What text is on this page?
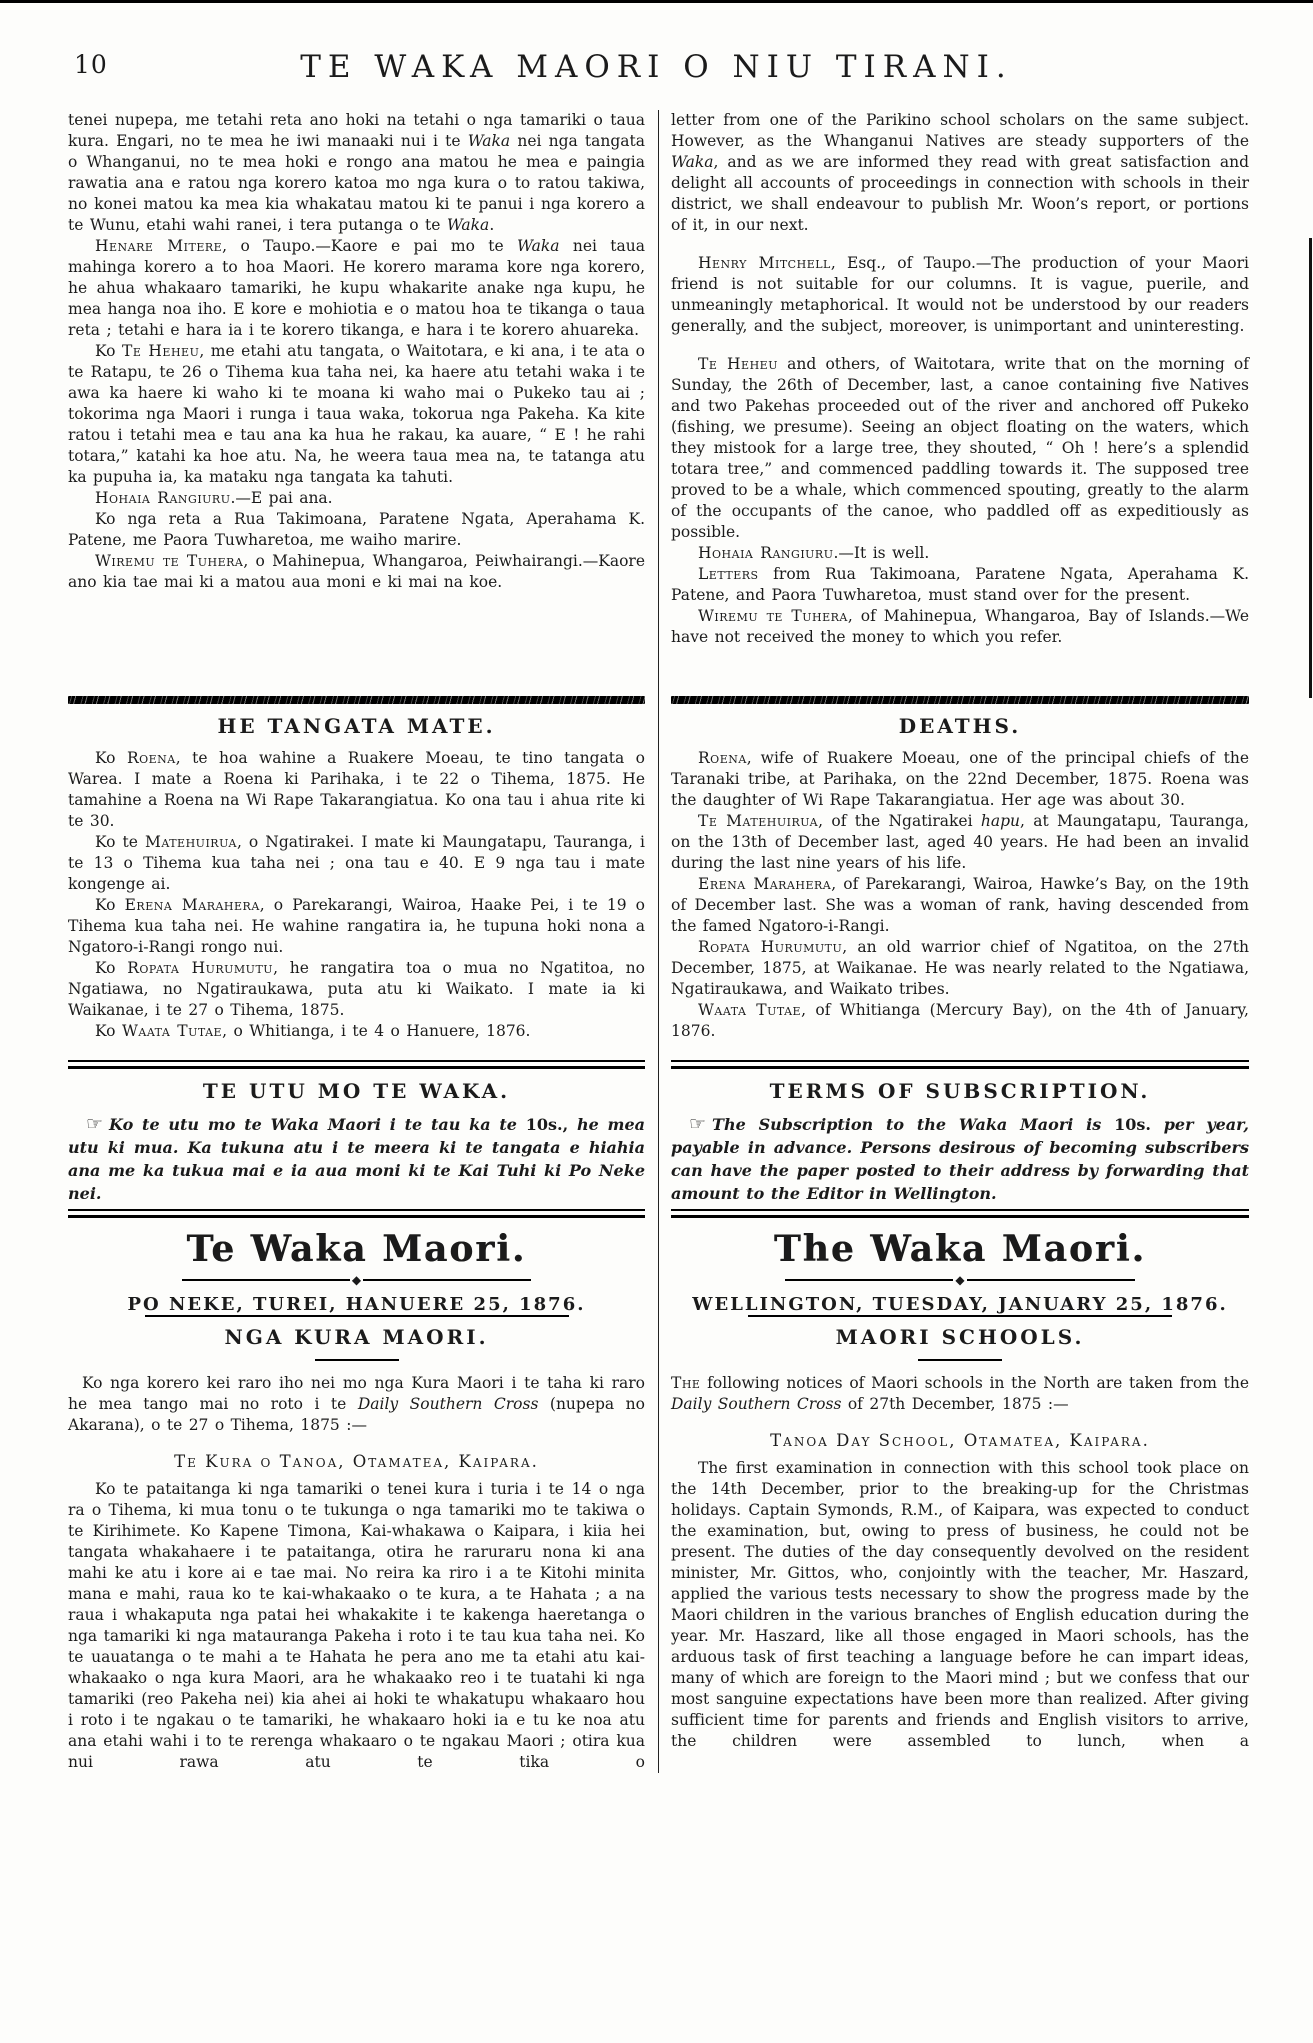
10	TE WAKA MAORI O NIU TIRANI.

tenei nupepa, me tetahi reta ano hoki na tetahi o nga tamariki o taua kura. Engari, no te mea he iwi manaaki nui i te Waka nei nga tangata o Whanganui, no te mea hoki e rongo ana matou he mea e paingia rawatia ana e ratou nga korero katoa mo nga kura o to ratou takiwa, no konei matou ka mea kia whakatau matou ki te panui i nga korero a te Wunu, etahi wahi ranei, i tera putanga o te Waka.

Henare Mitere, o Taupo.—Kaore e pai mo te Waka nei taua mahinga korero a to hoa Maori. He korero marama kore nga korero, he ahua whakaaro tamariki, he kupu whakarite anake nga kupu, he mea hanga noa iho. E kore e mohiotia e o matou hoa te tikanga o taua reta ; tetahi e hara ia i te korero tikanga, e hara i te korero ahuareka.

Ko Te Heheu, me etahi atu tangata, o Waitotara, e ki ana, i te ata o te Ratapu, te 26 o Tihema kua taha nei, ka haere atu tetahi waka i te awa ka haere ki waho ki te moana ki waho mai o Pukeko tau ai ; tokorima nga Maori i runga i taua waka, tokorua nga Pakeha. Ka kite ratou i tetahi mea e tau ana ka hua he rakau, ka auare, “ E ! he rahi totara,” katahi ka hoe atu. Na, he weera taua mea na, te tatanga atu ka pupuha ia, ka mataku nga tangata ka tahuti.

Hohaia Rangiuru.—E pai ana.

Ko nga reta a Rua Takimoana, Paratene Ngata, Aperahama K. Patene, me Paora Tuwharetoa, me waiho marire.

Wiremu te Tuhera, o Mahinepua, Whangaroa, Peiwhairangi.—Kaore ano kia tae mai ki a matou aua moni e ki mai na koe.

letter from one of the Parikino school scholars on the same subject. However, as the Whanganui Natives are steady supporters of the Waka, and as we are informed they read with great satisfaction and delight all accounts of proceedings in connection with schools in their district, we shall endeavour to publish Mr. Woon’s report, or portions of it, in our next.

Henry Mitchell, Esq., of Taupo.—The production of your Maori friend is not suitable for our columns. It is vague, puerile, and unmeaningly metaphorical. It would not be understood by our readers generally, and the subject, moreover, is unimportant and uninteresting.

Te Heheu and others, of Waitotara, write that on the morning of Sunday, the 26th of December, last, a canoe containing five Natives and two Pakehas proceeded out of the river and anchored off Pukeko (fishing, we presume). Seeing an object floating on the waters, which they mistook for a large tree, they shouted, “ Oh ! here’s a splendid totara tree,” and commenced paddling towards it. The supposed tree proved to be a whale, which commenced spouting, greatly to the alarm of the occupants of the canoe, who paddled off as expeditiously as possible.

Hohaia Rangiuru.—It is well.

Letters from Rua Takimoana, Paratene Ngata, Aperahama K. Patene, and Paora Tuwharetoa, must stand over for the present.

Wiremu te Tuhera, of Mahinepua, Whangaroa, Bay of Islands.—We have not received the money to which you refer.

HE TANGATA MATE.

Ko Roena, te hoa wahine a Ruakere Moeau, te tino tangata o Warea. I mate a Roena ki Parihaka, i te 22 o Tihema, 1875. He tamahine a Roena na Wi Rape Takarangiatua. Ko ona tau i ahua rite ki te 30.

Ko te Matehuirua, o Ngatirakei. I mate ki Maungatapu, Tauranga, i te 13 o Tihema kua taha nei ; ona tau e 40. E 9 nga tau i mate kongenge ai.

Ko Erena Marahera, o Parekarangi, Wairoa, Haake Pei, i te 19 o Tihema kua taha nei. He wahine rangatira ia, he tupuna hoki nona a Ngatoro-i-Rangi rongo nui.

Ko Ropata Hurumutu, he rangatira toa o mua no Ngatitoa, no Ngatiawa, no Ngatiraukawa, puta atu ki Waikato. I mate ia ki Waikanae, i te 27 o Tihema, 1875.

Ko Waata Tutae, o Whitianga, i te 4 o Hanuere, 1876.

DEATHS.

Roena, wife of Ruakere Moeau, one of the principal chiefs of the Taranaki tribe, at Parihaka, on the 22nd December, 1875. Roena was the daughter of Wi Rape Takarangiatua. Her age was about 30.

Te Matehuirua, of the Ngatirakei hapu, at Maungatapu, Tauranga, on the 13th of December last, aged 40 years. He had been an invalid during the last nine years of his life.

Erena Marahera, of Parekarangi, Wairoa, Hawke’s Bay, on the 19th of December last. She was a woman of rank, having descended from the famed Ngatoro-i-Rangi.

Ropata Hurumutu, an old warrior chief of Ngatitoa, on the 27th December, 1875, at Waikanae. He was nearly related to the Ngatiawa, Ngatiraukawa, and Waikato tribes.

Waata Tutae, of Whitianga (Mercury Bay), on the 4th of January, 1876.

TE UTU MO TE WAKA.

☞ Ko te utu mo te Waka Maori i te tau ka te 10s., he mea utu ki mua. Ka tukuna atu i te meera ki te tangata e hiahia ana me ka tukua mai e ia aua moni ki te Kai Tuhi ki Po Neke nei.

TERMS OF SUBSCRIPTION.

☞ The Subscription to the Waka Maori is 10s. per year, payable in advance. Persons desirous of becoming subscribers can have the paper posted to their address by forwarding that amount to the Editor in Wellington.

Te Waka Maori.
◆
PO NEKE, TUREI, HANUERE 25, 1876.
The Waka Maori.
◆
WELLINGTON, TUESDAY, JANUARY 25, 1876.
NGA KURA MAORI.

Ko nga korero kei raro iho nei mo nga Kura Maori i te taha ki raro he mea tango mai no roto i te Daily Southern Cross (nupepa no Akarana), o te 27 o Tihema, 1875 :—

Te Kura o Tanoa, Otamatea, Kaipara.

Ko te pataitanga ki nga tamariki o tenei kura i turia i te 14 o nga ra o Tihema, ki mua tonu o te tukunga o nga tamariki mo te takiwa o te Kirihimete. Ko Kapene Timona, Kai-whakawa o Kaipara, i kiia hei tangata whakahaere i te pataitanga, otira he raruraru nona ki ana mahi ke atu i kore ai e tae mai. No reira ka riro i a te Kitohi minita mana e mahi, raua ko te kai-whakaako o te kura, a te Hahata ; a na raua i whakaputa nga patai hei whakakite i te kakenga haeretanga o nga tamariki ki nga matauranga Pakeha i roto i te tau kua taha nei. Ko te uauatanga o te mahi a te Hahata he pera ano me ta etahi atu kai-whakaako o nga kura Maori, ara he whakaako reo i te tuatahi ki nga tamariki (reo Pakeha nei) kia ahei ai hoki te whakatupu whakaaro hou i roto i te ngakau o te tamariki, he whakaaro hoki ia e tu ke noa atu ana etahi wahi i to te rerenga whakaaro o te ngakau Maori ; otira kua nui rawa atu te tika o

MAORI SCHOOLS.

The following notices of Maori schools in the North are taken from the Daily Southern Cross of 27th December, 1875 :—

Tanoa Day School, Otamatea, Kaipara.

The first examination in connection with this school took place on the 14th December, prior to the breaking-up for the Christmas holidays. Captain Symonds, R.M., of Kaipara, was expected to conduct the examination, but, owing to press of business, he could not be present. The duties of the day consequently devolved on the resident minister, Mr. Gittos, who, conjointly with the teacher, Mr. Haszard, applied the various tests necessary to show the progress made by the Maori children in the various branches of English education during the year. Mr. Haszard, like all those engaged in Maori schools, has the arduous task of first teaching a language before he can impart ideas, many of which are foreign to the Maori mind ; but we confess that our most sanguine expectations have been more than realized. After giving sufficient time for parents and friends and English visitors to arrive, the children were assembled to lunch, when a
